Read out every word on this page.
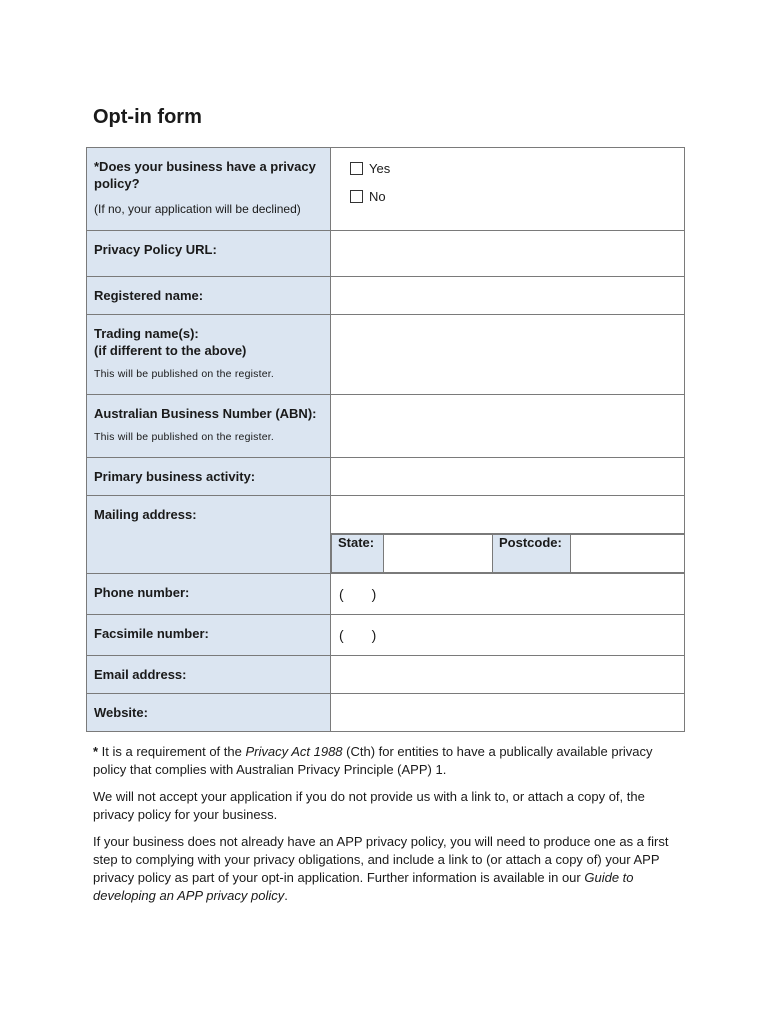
Opt-in form
*Does your business have a privacy policy?
(If no, your application will be declined)

Yes
No

Privacy Policy URL:

Registered name:

Trading name(s):
(if different to the above)
This will be published on the register.

Australian Business Number (ABN):
This will be published on the register.

Primary business activity:

Mailing address:

State:		Postcode:	

Phone number:	( )

Facsimile number:	( )

Email address:

Website:

* It is a requirement of the Privacy Act 1988 (Cth) for entities to have a publically available privacy policy that complies with Australian Privacy Principle (APP) 1.

We will not accept your application if you do not provide us with a link to, or attach a copy of, the privacy policy for your business.

If your business does not already have an APP privacy policy, you will need to produce one as a first step to complying with your privacy obligations, and include a link to (or attach a copy of) your APP privacy policy as part of your opt-in application. Further information is available in our Guide to developing an APP privacy policy.
